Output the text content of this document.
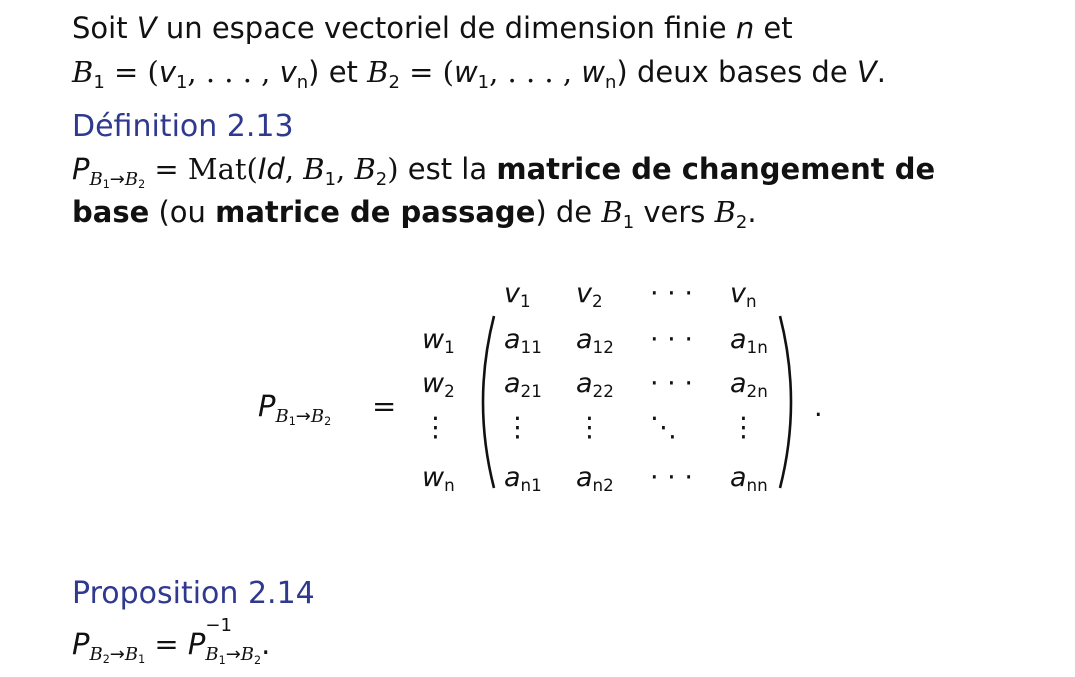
Soit V un espace vectoriel de dimension finie n et
$B_1 = (v_1$, . . . , $v_n$) et $B_2 = (w_1$, . . . , $w_n$) deux bases de V.
Définition 2.13
$P_{B_1\to B_2} = Mat(Id$, $B_1$, $B_2$) est la matrice de changement de
base (ou matrice de passage) de $B_1$ vers $B_2$.
$P_{B_1\to B_2}$ =	.
$v_1$ $v_2$ · · · $v_n$
$w_1$
$w_2$
⋮
$w_n$
$a_{11}$ $a_{12}$ · · · $a_{1n}$
$a_{21}$ $a_{22}$ · · · $a_{2n}$
⋮ ⋮ ⋱ ⋮
$a_{n1}$ $a_{n2}$ · · · $a_{nn}$
Proposition 2.14
$P_{B_2\to B_1} = P$
−1
$_{B_1\to B_2}$.
